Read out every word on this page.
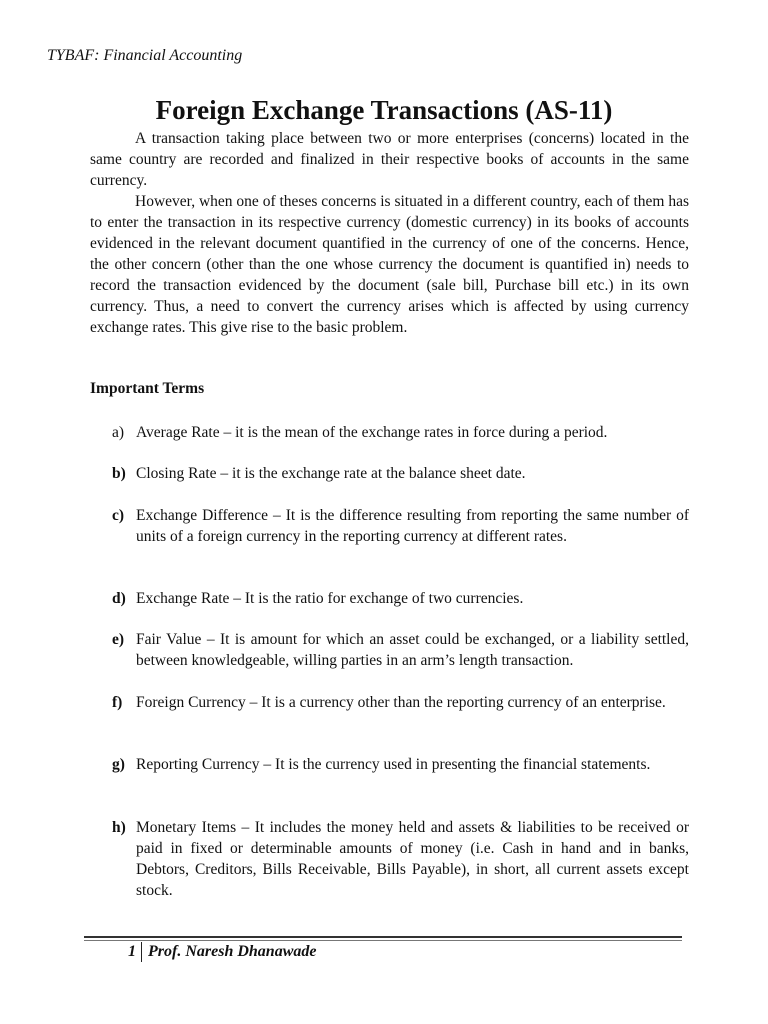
TYBAF: Financial Accounting
Foreign Exchange Transactions (AS-11)

A transaction taking place between two or more enterprises (concerns) located in the same country are recorded and finalized in their respective books of accounts in the same currency.

However, when one of theses concerns is situated in a different country, each of them has to enter the transaction in its respective currency (domestic currency) in its books of accounts evidenced in the relevant document quantified in the currency of one of the concerns. Hence, the other concern (other than the one whose currency the document is quantified in) needs to record the transaction evidenced by the document (sale bill, Purchase bill etc.) in its own currency. Thus, a need to convert the currency arises which is affected by using currency exchange rates. This give rise to the basic problem.

Important Terms
a) Average Rate – it is the mean of the exchange rates in force during a period.
b) Closing Rate – it is the exchange rate at the balance sheet date.
c) Exchange Difference – It is the difference resulting from reporting the same number of units of a foreign currency in the reporting currency at different rates.
d) Exchange Rate – It is the ratio for exchange of two currencies.
e) Fair Value – It is amount for which an asset could be exchanged, or a liability settled, between knowledgeable, willing parties in an arm’s length transaction.
f) Foreign Currency – It is a currency other than the reporting currency of an enterprise.
g) Reporting Currency – It is the currency used in presenting the financial statements.
h) Monetary Items – It includes the money held and assets & liabilities to be received or paid in fixed or determinable amounts of money (i.e. Cash in hand and in banks, Debtors, Creditors, Bills Receivable, Bills Payable), in short, all current assets except stock.
1 Prof. Naresh Dhanawade
